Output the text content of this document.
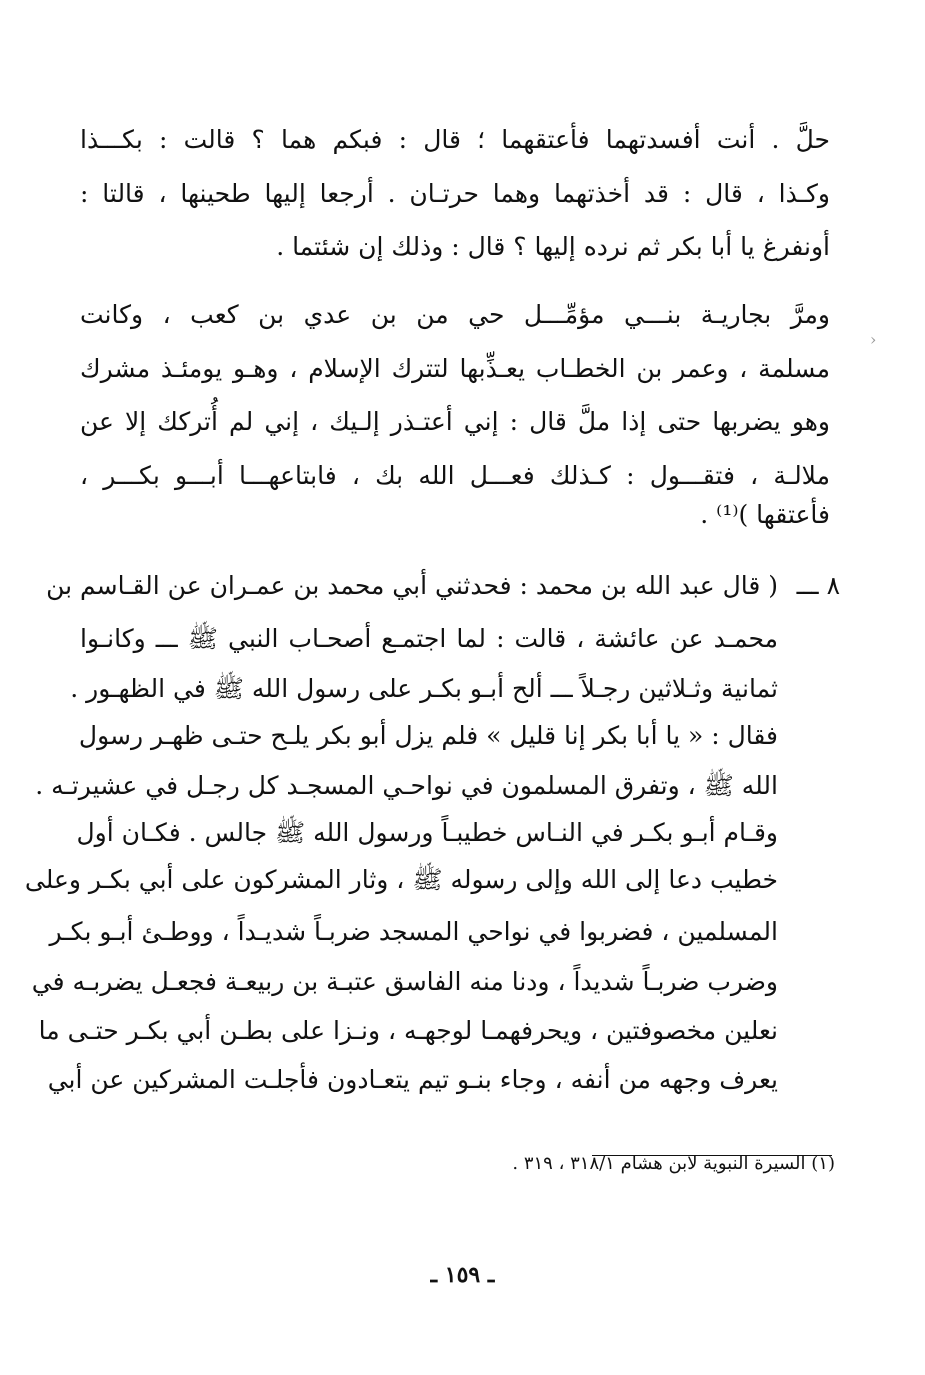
›
حلَّ . أنت أفسدتهما فأعتقهما ؛ قال : فبكم هما ؟ قالت : بكـــذا
وكـذا ، قال : قد أخذتهما وهما حرتـان . أرجعا إليها طحينها ، قالتا :
أونفرغ يا أبا بكر ثم نرده إليها ؟ قال : وذلك إن شئتما .
ومرَّ بجاريـة بنـــي مؤمِّـــل حي من بن عدي بن كعب ، وكانت
مسلمة ، وعمر بن الخطـاب يعـذِّبها لتترك الإسلام ، وهـو يومئـذ مشرك
وهو يضربها حتى إذا ملَّ قال : إني أعتـذر إلـيك ، إني لم أُتركك إلا عن
ملالـة ، فتقـــول : كـذلك فعـــل الله بك ، فابتاعهـــا أبـــو بكـــر ،
فأعتقها )⁽¹⁾ .
٨ ـــ
( قال عبد الله بن محمد : فحدثني أبي محمد بن عمـران عن القـاسم بن
محمـد عن عائشة ، قالت : لما اجتمـع أصحـاب النبي ﷺ ـــ وكانـوا
ثمانية وثـلاثين رجـلاً ـــ ألح أبـو بكـر على رسول الله ﷺ في الظهـور .
فقال : « يا أبا بكر إنا قليل » فلم يزل أبو بكر يلـح حتـى ظهـر رسول
الله ﷺ ، وتفرق المسلمون في نواحـي المسجـد كل رجـل في عشيرتـه .
وقـام أبـو بكـر في النـاس خطيبـاً ورسول الله ﷺ جالس . فكـان أول
خطيب دعا إلى الله وإلى رسوله ﷺ ، وثار المشركون على أبي بكـر وعلى
المسلمين ، فضربوا في نواحي المسجد ضربـاً شديـداً ، ووطـئ أبـو بكـر
وضرب ضربـاً شديداً ، ودنا منه الفاسق عتبـة بن ربيعـة فجعـل يضربـه في
نعلين مخصوفتين ، ويحرفهمـا لوجهـه ، ونـزا على بطـن أبي بكـر حتـى ما
يعرف وجهه من أنفه ، وجاء بنـو تيم يتعـادون فأجلـت المشركين عن أبي
(١) السيرة النبوية لابن هشام ٣١٨/١ ، ٣١٩ .
ـ ١٥٩ ـ
